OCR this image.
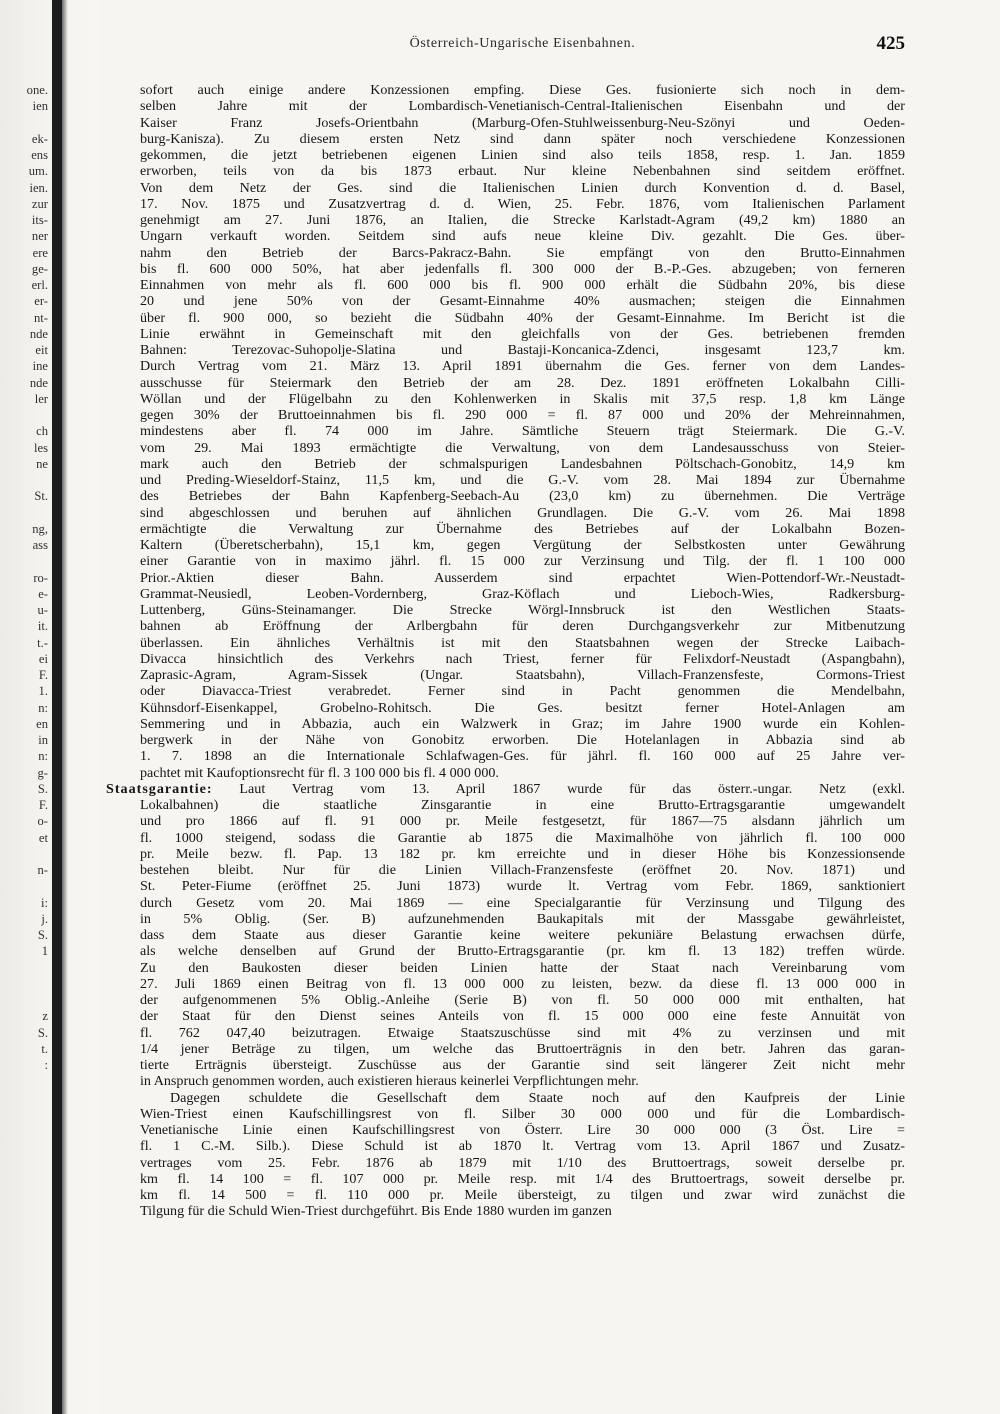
one.
ien
ek-
ens
um.
ien.
zur
its-
ner
ere
ge-
erl.
er-
nt-
nde
eit
ine
nde
ler
ch
les
ne
St.
ng,
ass
ro-
e-
u-
it.
t.-
ei
F.
1.
n:
en
in
n:
g-
S.
F.
o-
et
n-
i:
j.
S.
1
z
S.
t.
:
Österreich-Ungarische Eisenbahnen.	425
sofort auch einige andere Konzessionen empfing. Diese Ges. fusionierte sich noch in dem-
selben Jahre mit der Lombardisch-Venetianisch-Central-Italienischen Eisenbahn und der
Kaiser Franz Josefs-Orientbahn (Marburg-Ofen-Stuhlweissenburg-Neu-Szönyi und Oeden-
burg-Kanisza). Zu diesem ersten Netz sind dann später noch verschiedene Konzessionen
gekommen, die jetzt betriebenen eigenen Linien sind also teils 1858, resp. 1. Jan. 1859
erworben, teils von da bis 1873 erbaut. Nur kleine Nebenbahnen sind seitdem eröffnet.
Von dem Netz der Ges. sind die Italienischen Linien durch Konvention d. d. Basel,
17. Nov. 1875 und Zusatzvertrag d. d. Wien, 25. Febr. 1876, vom Italienischen Parlament
genehmigt am 27. Juni 1876, an Italien, die Strecke Karlstadt-Agram (49,2 km) 1880 an
Ungarn verkauft worden. Seitdem sind aufs neue kleine Div. gezahlt. Die Ges. über-
nahm den Betrieb der Barcs-Pakracz-Bahn. Sie empfängt von den Brutto-Einnahmen
bis fl. 600 000 50%, hat aber jedenfalls fl. 300 000 der B.-P.-Ges. abzugeben; von ferneren
Einnahmen von mehr als fl. 600 000 bis fl. 900 000 erhält die Südbahn 20%, bis diese
20 und jene 50% von der Gesamt-Einnahme 40% ausmachen; steigen die Einnahmen
über fl. 900 000, so bezieht die Südbahn 40% der Gesamt-Einnahme. Im Bericht ist die
Linie erwähnt in Gemeinschaft mit den gleichfalls von der Ges. betriebenen fremden
Bahnen: Terezovac-Suhopolje-Slatina und Bastaji-Koncanica-Zdenci, insgesamt 123,7 km.
Durch Vertrag vom 21. März 13. April 1891 übernahm die Ges. ferner von dem Landes-
ausschusse für Steiermark den Betrieb der am 28. Dez. 1891 eröffneten Lokalbahn Cilli-
Wöllan und der Flügelbahn zu den Kohlenwerken in Skalis mit 37,5 resp. 1,8 km Länge
gegen 30% der Bruttoeinnahmen bis fl. 290 000 = fl. 87 000 und 20% der Mehreinnahmen,
mindestens aber fl. 74 000 im Jahre. Sämtliche Steuern trägt Steiermark. Die G.-V.
vom 29. Mai 1893 ermächtigte die Verwaltung, von dem Landesausschuss von Steier-
mark auch den Betrieb der schmalspurigen Landesbahnen Pöltschach-Gonobitz, 14,9 km
und Preding-Wieseldorf-Stainz, 11,5 km, und die G.-V. vom 28. Mai 1894 zur Übernahme
des Betriebes der Bahn Kapfenberg-Seebach-Au (23,0 km) zu übernehmen. Die Verträge
sind abgeschlossen und beruhen auf ähnlichen Grundlagen. Die G.-V. vom 26. Mai 1898
ermächtigte die Verwaltung zur Übernahme des Betriebes auf der Lokalbahn Bozen-
Kaltern (Überetscherbahn), 15,1 km, gegen Vergütung der Selbstkosten unter Gewährung
einer Garantie von in maximo jährl. fl. 15 000 zur Verzinsung und Tilg. der fl. 1 100 000
Prior.-Aktien dieser Bahn. Ausserdem sind erpachtet Wien-Pottendorf-Wr.-Neustadt-
Grammat-Neusiedl, Leoben-Vordernberg, Graz-Köflach und Lieboch-Wies, Radkersburg-
Luttenberg, Güns-Steinamanger. Die Strecke Wörgl-Innsbruck ist den Westlichen Staats-
bahnen ab Eröffnung der Arlbergbahn für deren Durchgangsverkehr zur Mitbenutzung
überlassen. Ein ähnliches Verhältnis ist mit den Staatsbahnen wegen der Strecke Laibach-
Divacca hinsichtlich des Verkehrs nach Triest, ferner für Felixdorf-Neustadt (Aspangbahn),
Zaprasic-Agram, Agram-Sissek (Ungar. Staatsbahn), Villach-Franzensfeste, Cormons-Triest
oder Diavacca-Triest verabredet. Ferner sind in Pacht genommen die Mendelbahn,
Kühnsdorf-Eisenkappel, Grobelno-Rohitsch. Die Ges. besitzt ferner Hotel-Anlagen am
Semmering und in Abbazia, auch ein Walzwerk in Graz; im Jahre 1900 wurde ein Kohlen-
bergwerk in der Nähe von Gonobitz erworben. Die Hotelanlagen in Abbazia sind ab
1. 7. 1898 an die Internationale Schlafwagen-Ges. für jährl. fl. 160 000 auf 25 Jahre ver-
pachtet mit Kaufoptionsrecht für fl. 3 100 000 bis fl. 4 000 000.
Staatsgarantie: Laut Vertrag vom 13. April 1867 wurde für das österr.-ungar. Netz (exkl.
Lokalbahnen) die staatliche Zinsgarantie in eine Brutto-Ertragsgarantie umgewandelt
und pro 1866 auf fl. 91 000 pr. Meile festgesetzt, für 1867—75 alsdann jährlich um
fl. 1000 steigend, sodass die Garantie ab 1875 die Maximalhöhe von jährlich fl. 100 000
pr. Meile bezw. fl. Pap. 13 182 pr. km erreichte und in dieser Höhe bis Konzessionsende
bestehen bleibt. Nur für die Linien Villach-Franzensfeste (eröffnet 20. Nov. 1871) und
St. Peter-Fiume (eröffnet 25. Juni 1873) wurde lt. Vertrag vom Febr. 1869, sanktioniert
durch Gesetz vom 20. Mai 1869 — eine Specialgarantie für Verzinsung und Tilgung des
in 5% Oblig. (Ser. B) aufzunehmenden Baukapitals mit der Massgabe gewährleistet,
dass dem Staate aus dieser Garantie keine weitere pekuniäre Belastung erwachsen dürfe,
als welche denselben auf Grund der Brutto-Ertragsgarantie (pr. km fl. 13 182) treffen würde.
Zu den Baukosten dieser beiden Linien hatte der Staat nach Vereinbarung vom
27. Juli 1869 einen Beitrag von fl. 13 000 000 zu leisten, bezw. da diese fl. 13 000 000 in
der aufgenommenen 5% Oblig.-Anleihe (Serie B) von fl. 50 000 000 mit enthalten, hat
der Staat für den Dienst seines Anteils von fl. 15 000 000 eine feste Annuität von
fl. 762 047,40 beizutragen. Etwaige Staatszuschüsse sind mit 4% zu verzinsen und mit
1/4 jener Beträge zu tilgen, um welche das Bruttoerträgnis in den betr. Jahren das garan-
tierte Erträgnis übersteigt. Zuschüsse aus der Garantie sind seit längerer Zeit nicht mehr
in Anspruch genommen worden, auch existieren hieraus keinerlei Verpflichtungen mehr.
Dagegen schuldete die Gesellschaft dem Staate noch auf den Kaufpreis der Linie
Wien-Triest einen Kaufschillingsrest von fl. Silber 30 000 000 und für die Lombardisch-
Venetianische Linie einen Kaufschillingsrest von Österr. Lire 30 000 000 (3 Öst. Lire =
fl. 1 C.-M. Silb.). Diese Schuld ist ab 1870 lt. Vertrag vom 13. April 1867 und Zusatz-
vertrages vom 25. Febr. 1876 ab 1879 mit 1/10 des Bruttoertrags, soweit derselbe pr.
km fl. 14 100 = fl. 107 000 pr. Meile resp. mit 1/4 des Bruttoertrags, soweit derselbe pr.
km fl. 14 500 = fl. 110 000 pr. Meile übersteigt, zu tilgen und zwar wird zunächst die
Tilgung für die Schuld Wien-Triest durchgeführt. Bis Ende 1880 wurden im ganzen
